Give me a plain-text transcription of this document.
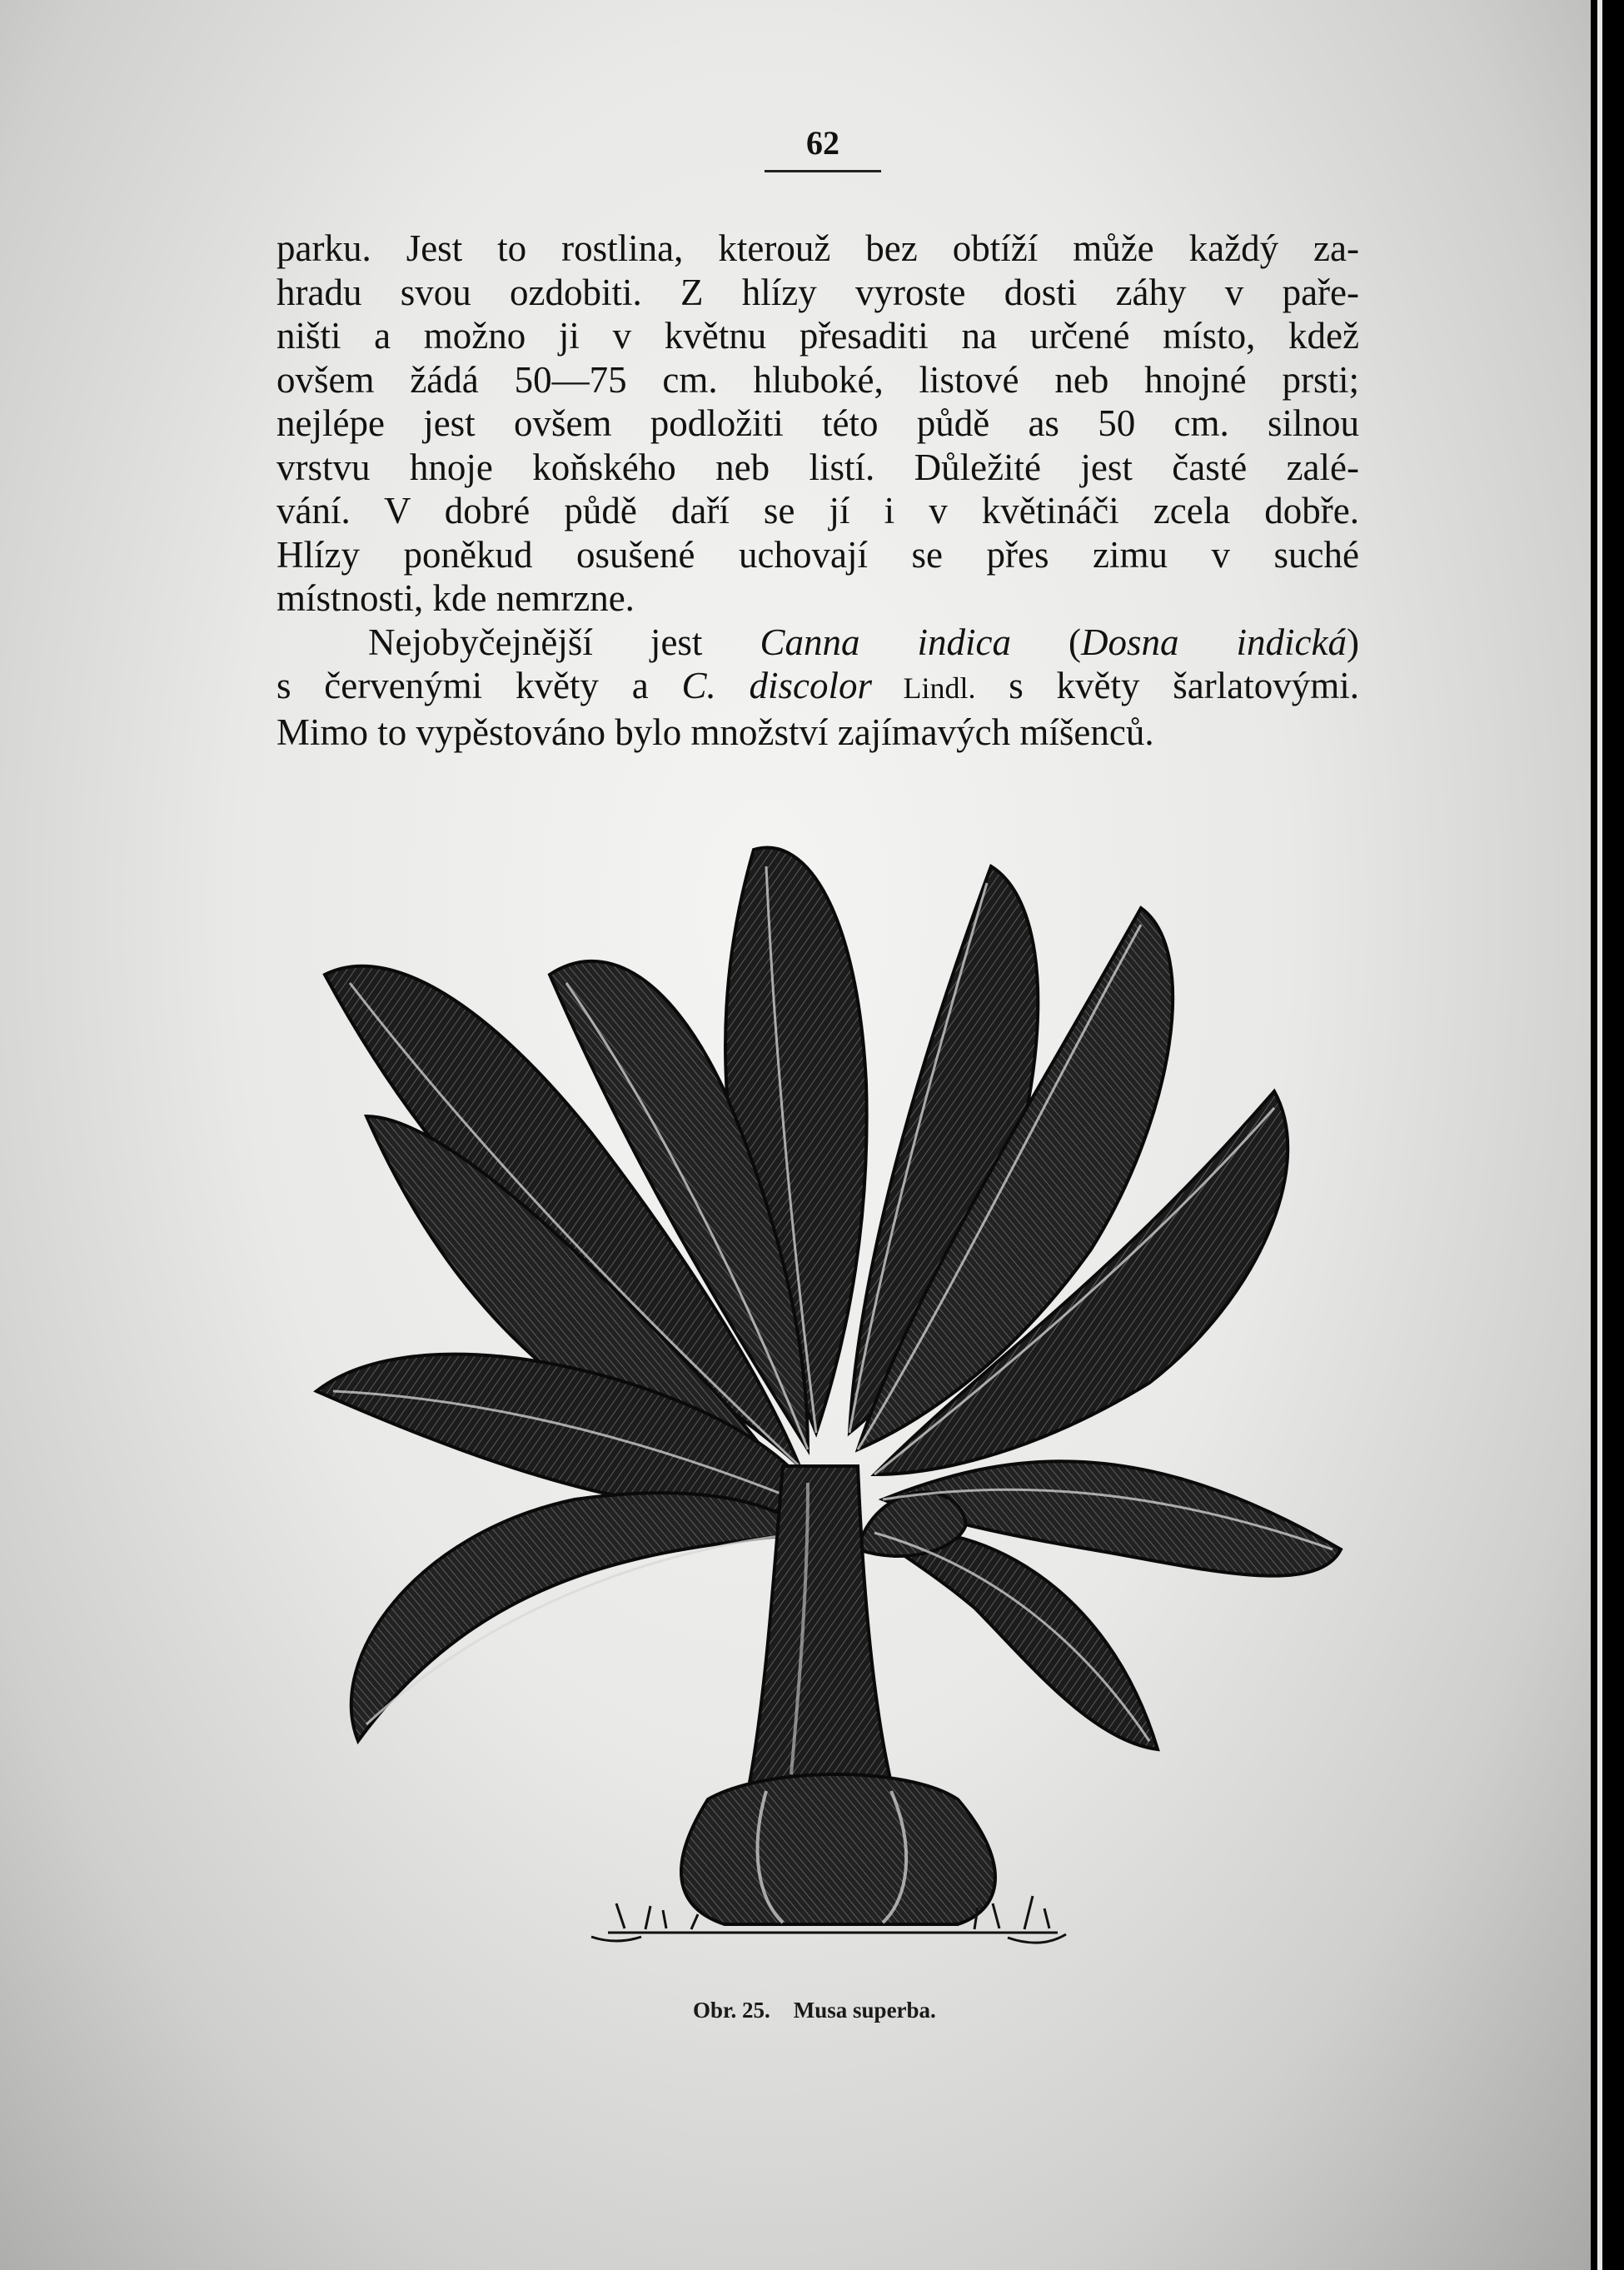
62
parku. Jest to rostlina, kterouž bez obtíží může každý za-
hradu svou ozdobiti. Z hlízy vyroste dosti záhy v paře-
ništi a možno ji v květnu přesaditi na určené místo, kdež
ovšem žádá 50—75 cm. hluboké, listové neb hnojné prsti;
nejlépe jest ovšem podložiti této půdě as 50 cm. silnou
vrstvu hnoje koňského neb listí. Důležité jest časté zalé-
vání. V dobré půdě daří se jí i v květináči zcela dobře.
Hlízy poněkud osušené uchovají se přes zimu v suché
místnosti, kde nemrzne.
Nejobyčejnější jest Canna indica (Dosna indická)
s červenými květy a C. discolor Lindl. s květy šarlatovými.
Mimo to vypěstováno bylo množství zajímavých míšenců.
Obr. 25. Musa superba.
